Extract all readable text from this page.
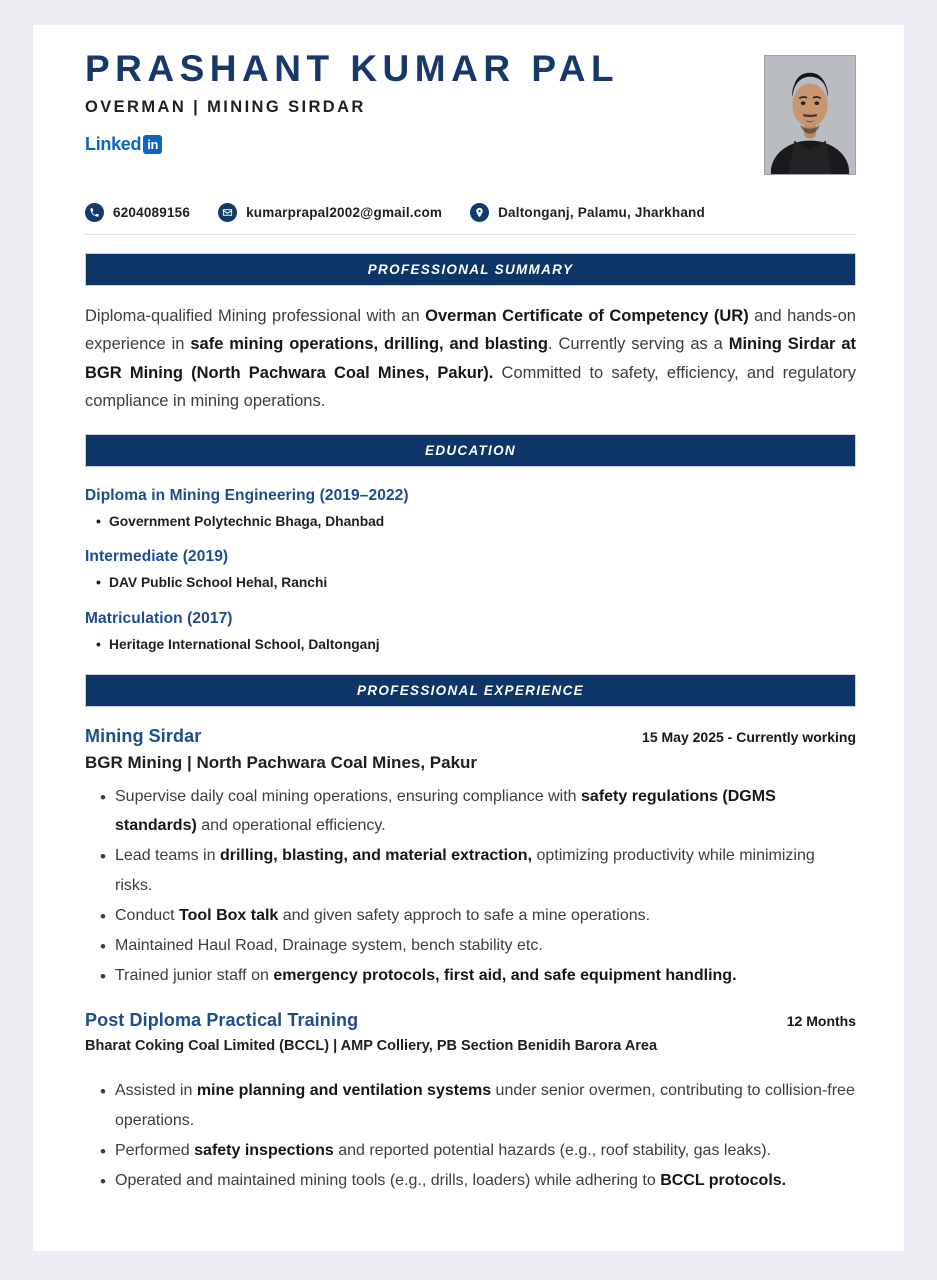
PRASHANT KUMAR PAL
OVERMAN | MINING SIRDAR
Linked in
6204089156	kumarprapal2002@gmail.com	Daltonganj, Palamu, Jharkhand
PROFESSIONAL SUMMARY

Diploma-qualified Mining professional with an Overman Certificate of Competency (UR) and hands-on experience in safe mining operations, drilling, and blasting. Currently serving as a Mining Sirdar at BGR Mining (North Pachwara Coal Mines, Pakur). Committed to safety, efficiency, and regulatory compliance in mining operations.

EDUCATION
Diploma in Mining Engineering (2019–2022)
• Government Polytechnic Bhaga, Dhanbad
Intermediate (2019)
• DAV Public School Hehal, Ranchi
Matriculation (2017)
• Heritage International School, Daltonganj
PROFESSIONAL EXPERIENCE
Mining Sirdar	15 May 2025 - Currently working
BGR Mining | North Pachwara Coal Mines, Pakur
• Supervise daily coal mining operations, ensuring compliance with safety regulations (DGMS standards) and operational efficiency.
• Lead teams in drilling, blasting, and material extraction, optimizing productivity while minimizing risks.
• Conduct Tool Box talk and given safety approch to safe a mine operations.
• Maintained Haul Road, Drainage system, bench stability etc.
• Trained junior staff on emergency protocols, first aid, and safe equipment handling.
Post Diploma Practical Training	12 Months
Bharat Coking Coal Limited (BCCL) | AMP Colliery, PB Section Benidih Barora Area
• Assisted in mine planning and ventilation systems under senior overmen, contributing to collision-free operations.
• Performed safety inspections and reported potential hazards (e.g., roof stability, gas leaks).
• Operated and maintained mining tools (e.g., drills, loaders) while adhering to BCCL protocols.
